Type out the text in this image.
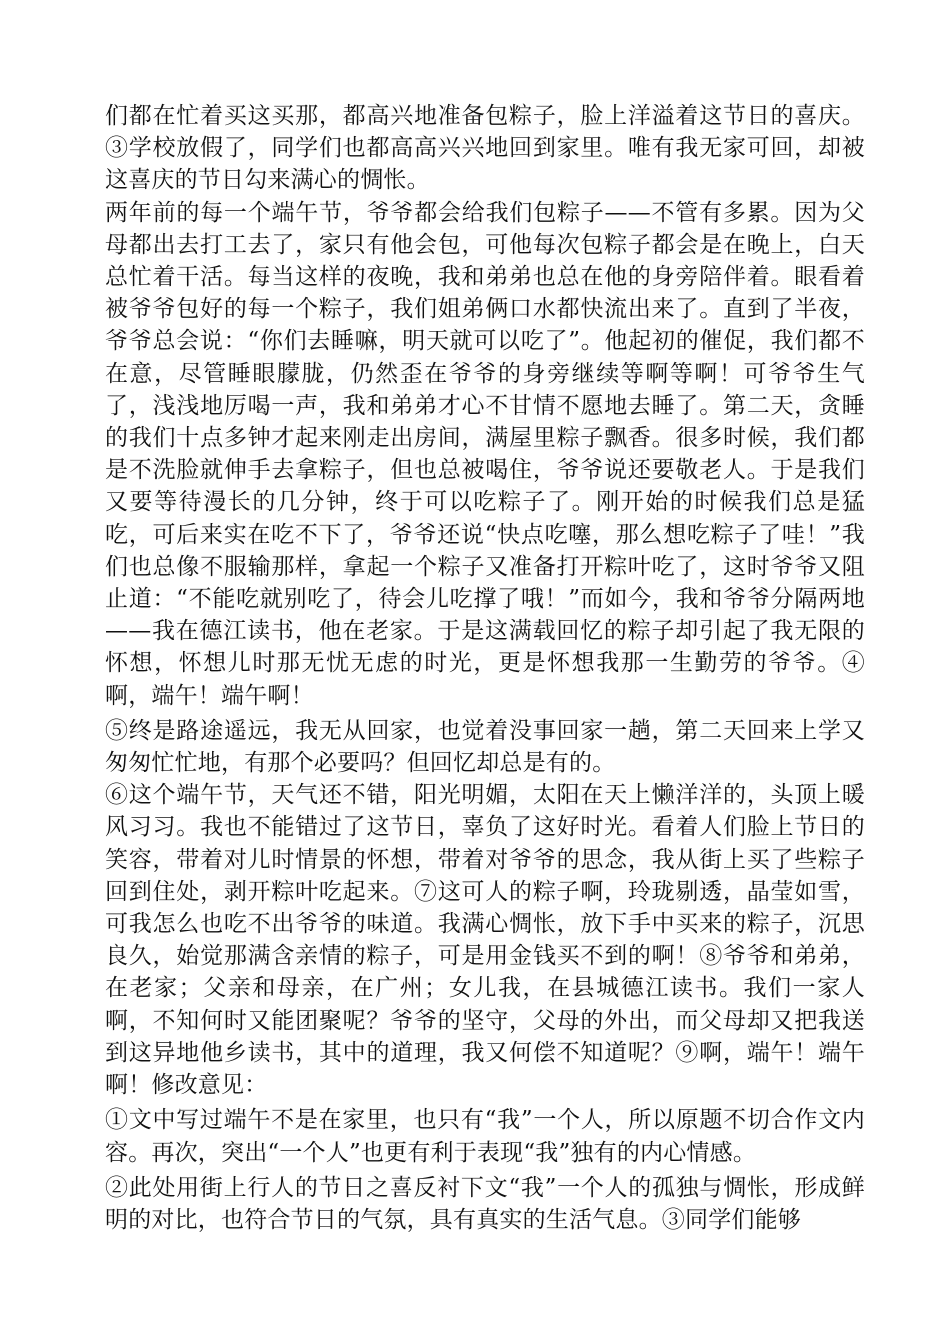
们都在忙着买这买那，都高兴地准备包粽子，脸上洋溢着这节日的喜庆。③学校放假了，同学们也都高高兴兴地回到家里。唯有我无家可回，却被这喜庆的节日勾来满心的惆怅。

两年前的每一个端午节，爷爷都会给我们包粽子——不管有多累。因为父母都出去打工去了，家只有他会包，可他每次包粽子都会是在晚上，白天总忙着干活。每当这样的夜晚，我和弟弟也总在他的身旁陪伴着。眼看着被爷爷包好的每一个粽子，我们姐弟俩口水都快流出来了。直到了半夜，爷爷总会说：“你们去睡嘛，明天就可以吃了”。他起初的催促，我们都不在意，尽管睡眼朦胧，仍然歪在爷爷的身旁继续等啊等啊！可爷爷生气了，浅浅地厉喝一声，我和弟弟才心不甘情不愿地去睡了。第二天，贪睡的我们十点多钟才起来刚走出房间，满屋里粽子飘香。很多时候，我们都是不洗脸就伸手去拿粽子，但也总被喝住，爷爷说还要敬老人。于是我们又要等待漫长的几分钟，终于可以吃粽子了。刚开始的时候我们总是猛吃，可后来实在吃不下了，爷爷还说“快点吃噻，那么想吃粽子了哇！”我们也总像不服输那样，拿起一个粽子又准备打开粽叶吃了，这时爷爷又阻止道：“不能吃就别吃了，待会儿吃撑了哦！”而如今，我和爷爷分隔两地——我在德江读书，他在老家。于是这满载回忆的粽子却引起了我无限的怀想，怀想儿时那无忧无虑的时光，更是怀想我那一生勤劳的爷爷。④啊，端午！端午啊！

⑤终是路途遥远，我无从回家，也觉着没事回家一趟，第二天回来上学又匆匆忙忙地，有那个必要吗？但回忆却总是有的。

⑥这个端午节，天气还不错，阳光明媚，太阳在天上懒洋洋的，头顶上暖风习习。我也不能错过了这节日，辜负了这好时光。看着人们脸上节日的笑容，带着对儿时情景的怀想，带着对爷爷的思念，我从街上买了些粽子回到住处，剥开粽叶吃起来。⑦这可人的粽子啊，玲珑剔透，晶莹如雪，可我怎么也吃不出爷爷的味道。我满心惆怅，放下手中买来的粽子，沉思良久，始觉那满含亲情的粽子，可是用金钱买不到的啊！⑧爷爷和弟弟，在老家；父亲和母亲，在广州；女儿我，在县城德江读书。我们一家人啊，不知何时又能团聚呢？爷爷的坚守，父母的外出，而父母却又把我送到这异地他乡读书，其中的道理，我又何偿不知道呢？⑨啊，端午！端午啊！修改意见：

①文中写过端午不是在家里，也只有“我”一个人，所以原题不切合作文内容。再次，突出“一个人”也更有利于表现“我”独有的内心情感。

②此处用街上行人的节日之喜反衬下文“我”一个人的孤独与惆怅，形成鲜明的对比，也符合节日的气氛，具有真实的生活气息。③同学们能够
